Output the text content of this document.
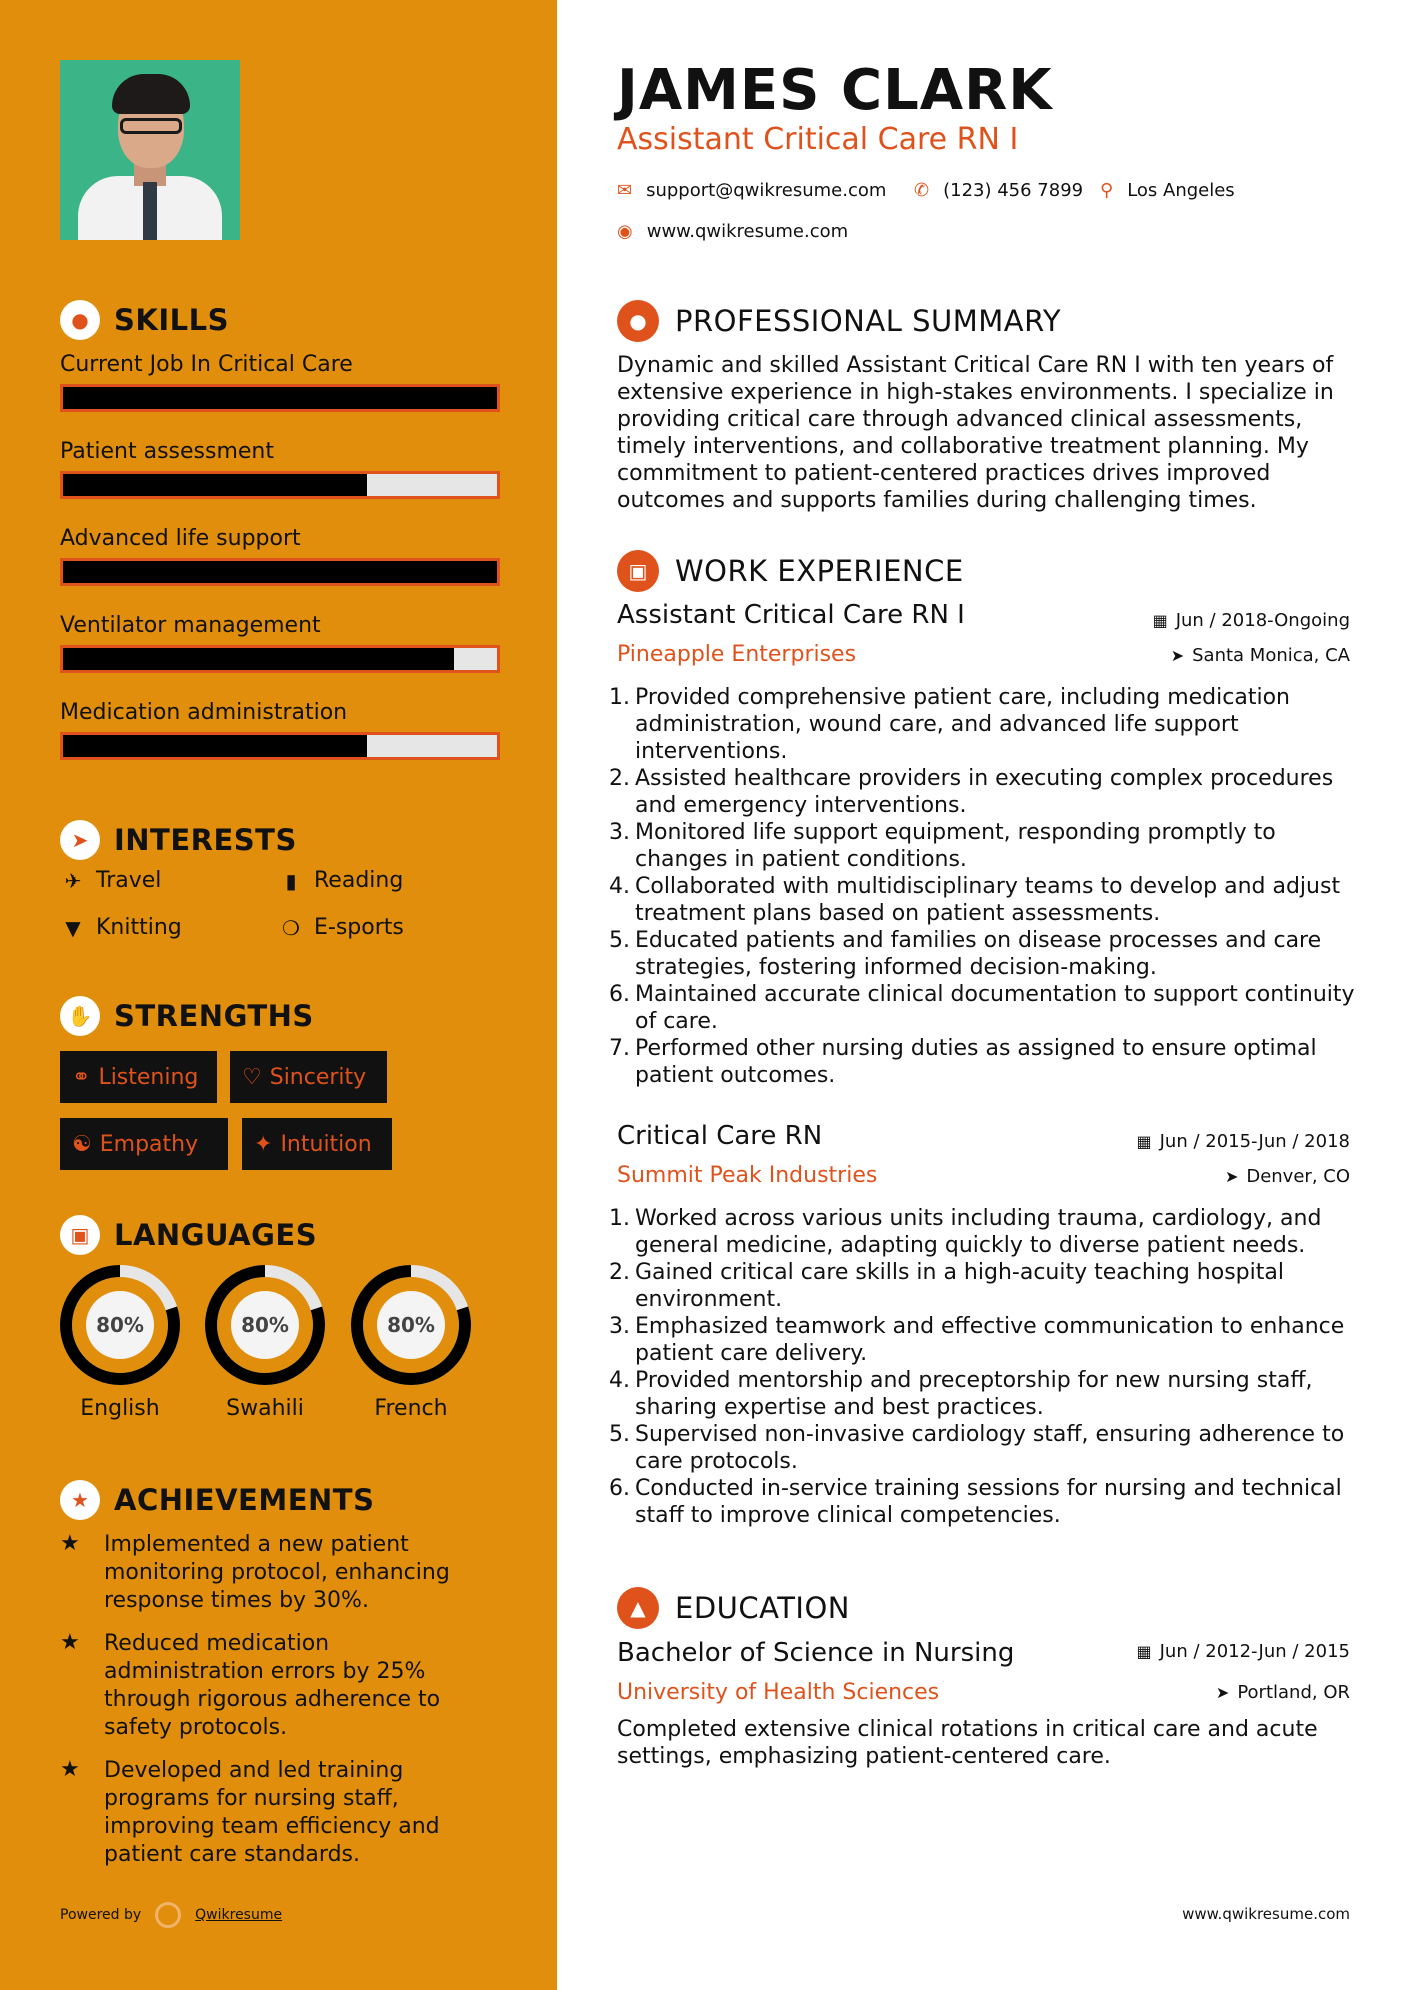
● SKILLS
Current Job In Critical Care
Patient assessment
Advanced life support
Ventilator management
Medication administration
➤ INTERESTS
✈ Travel	▮ Reading
▼ Knitting	❍ E-sports
✋ STRENGTHS
⚭ Listening ♡ Sincerity
☯ Empathy	✦ Intuition
▣ LANGUAGES
80%
English
80%
Swahili
80%
French
★ ACHIEVEMENTS
★	Implemented a new patient monitoring protocol, enhancing response times by 30%.
★	Reduced medication administration errors by 25% through rigorous adherence to safety protocols.
★	Developed and led training programs for nursing staff, improving team efficiency and patient care standards.
Powered by	Qwikresume
JAMES CLARK
Assistant Critical Care RN I
✉ support@qwikresume.com ✆ (123) 456 7899 ⚲ Los Angeles
◉ www.qwikresume.com
● PROFESSIONAL SUMMARY
Dynamic and skilled Assistant Critical Care RN I with ten years of extensive experience in high-stakes environments. I specialize in providing critical care through advanced clinical assessments, timely interventions, and collaborative treatment planning. My commitment to patient-centered practices drives improved outcomes and supports families during challenging times.
▣ WORK EXPERIENCE
Assistant Critical Care RN I	▦ Jun / 2018-Ongoing
Pineapple Enterprises	➤ Santa Monica, CA
1. Provided comprehensive patient care, including medication administration, wound care, and advanced life support interventions.
2. Assisted healthcare providers in executing complex procedures and emergency interventions.
3. Monitored life support equipment, responding promptly to changes in patient conditions.
4. Collaborated with multidisciplinary teams to develop and adjust treatment plans based on patient assessments.
5. Educated patients and families on disease processes and care strategies, fostering informed decision-making.
6. Maintained accurate clinical documentation to support continuity of care.
7. Performed other nursing duties as assigned to ensure optimal patient outcomes.
Critical Care RN	▦ Jun / 2015-Jun / 2018
Summit Peak Industries	➤ Denver, CO
1. Worked across various units including trauma, cardiology, and general medicine, adapting quickly to diverse patient needs.
2. Gained critical care skills in a high-acuity teaching hospital environment.
3. Emphasized teamwork and effective communication to enhance patient care delivery.
4. Provided mentorship and preceptorship for new nursing staff, sharing expertise and best practices.
5. Supervised non-invasive cardiology staff, ensuring adherence to care protocols.
6. Conducted in-service training sessions for nursing and technical staff to improve clinical competencies.
▲	EDUCATION
Bachelor of Science in Nursing	▦ Jun / 2012-Jun / 2015
University of Health Sciences	➤ Portland, OR
Completed extensive clinical rotations in critical care and acute settings, emphasizing patient-centered care.
www.qwikresume.com
